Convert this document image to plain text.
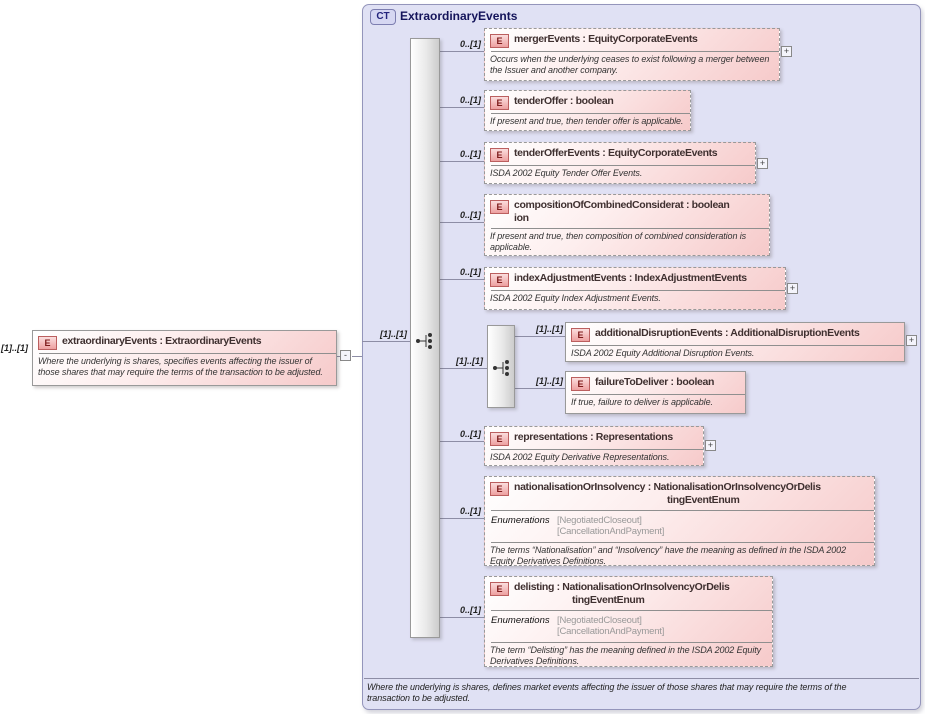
CT ExtraordinaryEvents
Where the underlying is shares, defines market events affecting the issuer of those shares that may require the terms of the transaction to be adjusted.
-
[1]..[1]
[1]..[1]
[1]..[1]
0..[1]
0..[1]
0..[1]
0..[1]
0..[1]
[1]..[1]
[1]..[1]
0..[1]
0..[1]
0..[1]
E	extraordinaryEvents : ExtraordinaryEvents
Where the underlying is shares, specifies events affecting the issuer of those shares that may require the terms of the transaction to be adjusted.
E	mergerEvents : EquityCorporateEvents
Occurs when the underlying ceases to exist following a merger between the Issuer and another company.
+
E	tenderOffer : boolean
If present and true, then tender offer is applicable.
E	tenderOfferEvents : EquityCorporateEvents
ISDA 2002 Equity Tender Offer Events.
+
E	compositionOfCombinedConsiderat : boolean
ion
If present and true, then composition of combined consideration is applicable.
E	indexAdjustmentEvents : IndexAdjustmentEvents
ISDA 2002 Equity Index Adjustment Events.
+
E	additionalDisruptionEvents : AdditionalDisruptionEvents
ISDA 2002 Equity Additional Disruption Events.
+
E	failureToDeliver : boolean
If true, failure to deliver is applicable.
E	representations : Representations
ISDA 2002 Equity Derivative Representations.
+
E	nationalisationOrInsolvency : NationalisationOrInsolvencyOrDelis
tingEventEnum
Enumerations [NegotiatedCloseout]
[CancellationAndPayment]
The terms “Nationalisation” and “Insolvency” have the meaning as defined in the ISDA 2002 Equity Derivatives Definitions.
E	delisting : NationalisationOrInsolvencyOrDelis
tingEventEnum
Enumerations [NegotiatedCloseout]
[CancellationAndPayment]
The term “Delisting” has the meaning defined in the ISDA 2002 Equity Derivatives Definitions.
